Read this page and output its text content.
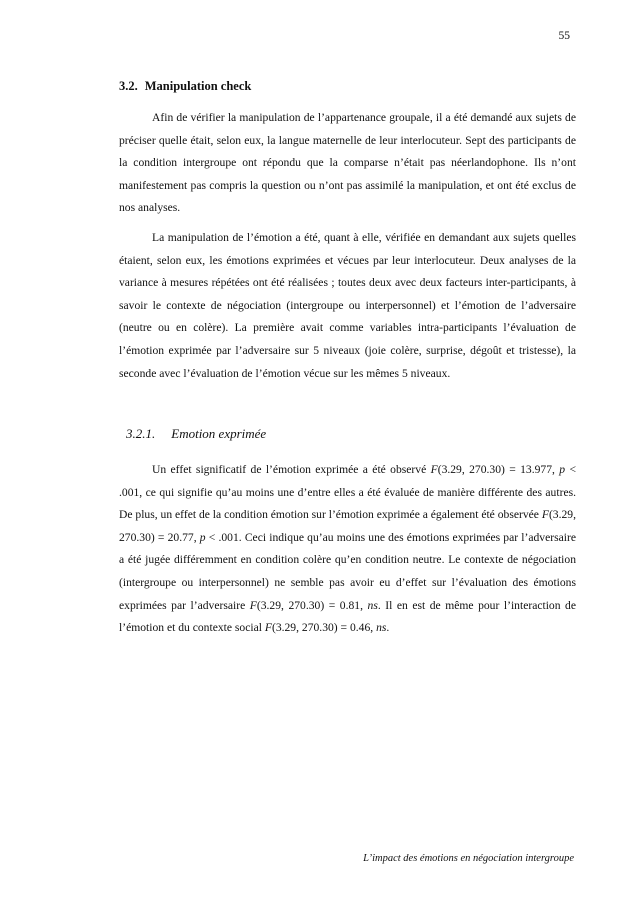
55
3.2. Manipulation check

Afin de vérifier la manipulation de l’appartenance groupale, il a été demandé aux sujets de préciser quelle était, selon eux, la langue maternelle de leur interlocuteur. Sept des participants de la condition intergroupe ont répondu que la comparse n’était pas néerlandophone. Ils n’ont manifestement pas compris la question ou n’ont pas assimilé la manipulation, et ont été exclus de nos analyses.

La manipulation de l’émotion a été, quant à elle, vérifiée en demandant aux sujets quelles étaient, selon eux, les émotions exprimées et vécues par leur interlocuteur. Deux analyses de la variance à mesures répétées ont été réalisées ; toutes deux avec deux facteurs inter-participants, à savoir le contexte de négociation (intergroupe ou interpersonnel) et l’émotion de l’adversaire (neutre ou en colère). La première avait comme variables intra-participants l’évaluation de l’émotion exprimée par l’adversaire sur 5 niveaux (joie colère, surprise, dégoût et tristesse), la seconde avec l’évaluation de l’émotion vécue sur les mêmes 5 niveaux.

3.2.1. Emotion exprimée

Un effet significatif de l’émotion exprimée a été observé F(3.29, 270.30) = 13.977, p < .001, ce qui signifie qu’au moins une d’entre elles a été évaluée de manière différente des autres. De plus, un effet de la condition émotion sur l’émotion exprimée a également été observée F(3.29, 270.30) = 20.77, p < .001. Ceci indique qu’au moins une des émotions exprimées par l’adversaire a été jugée différemment en condition colère qu’en condition neutre. Le contexte de négociation (intergroupe ou interpersonnel) ne semble pas avoir eu d’effet sur l’évaluation des émotions exprimées par l’adversaire F(3.29, 270.30) = 0.81, ns. Il en est de même pour l’interaction de l’émotion et du contexte social F(3.29, 270.30) = 0.46, ns.

L’impact des émotions en négociation intergroupe
